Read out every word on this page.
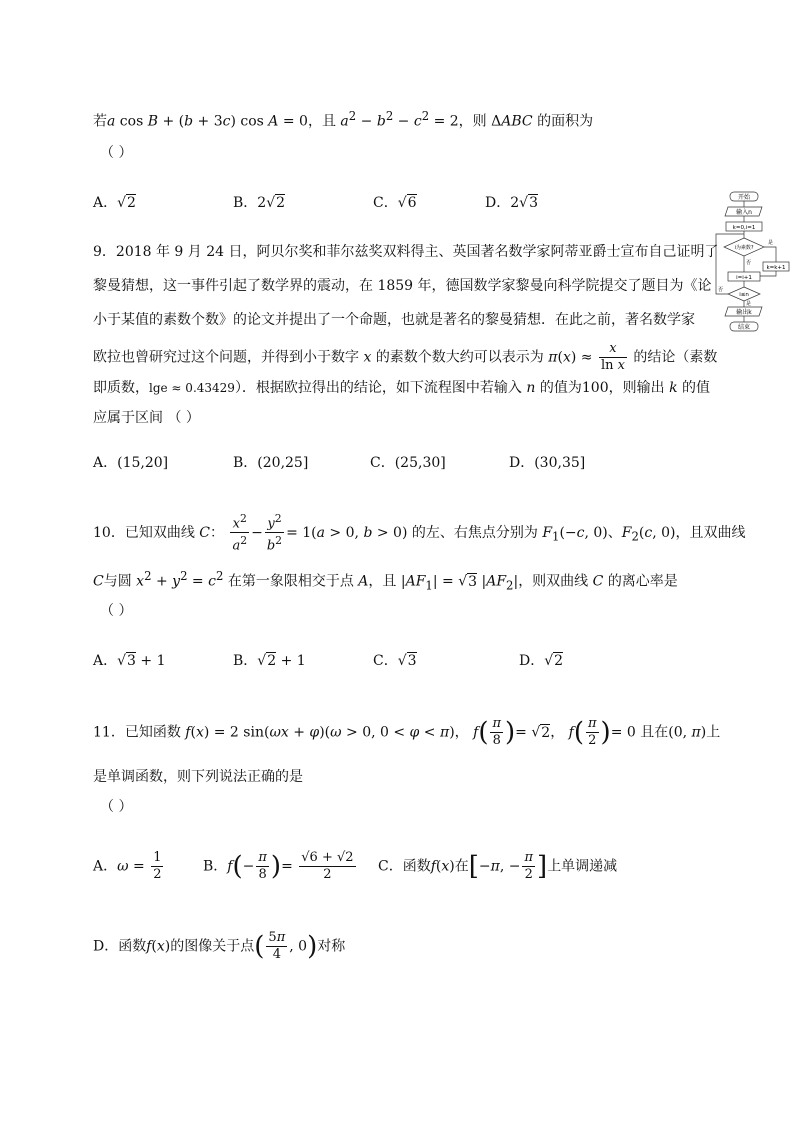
若a cos B + (b + 3c) cos A = 0，且 $a^2 - b^2 - c^2 = 2$，则 ΔABC 的面积为
（ ）
A．√2	B．2√2	C．√6	D．2√3
9．2018 年 9 月 24 日，阿贝尔奖和菲尔兹奖双料得主、英国著名数学家阿蒂亚爵士宣布自己证明了
黎曼猜想，这一事件引起了数学界的震动，在 1859 年，德国数学家黎曼向科学院提交了题目为《论
小于某值的素数个数》的论文并提出了一个命题，也就是著名的黎曼猜想．在此之前，著名数学家
欧拉也曾研究过这个问题，并得到小于数字 x 的素数个数大约可以表示为 $\pi(x) \approx \frac{x}{\text{ln x}}$ 的结论（素数
即质数，lge ≈ 0.43429）．根据欧拉得出的结论，如下流程图中若输入 n 的值为100，则输出 k 的值
应属于区间 （ ）
A．(15,20]	B．(20,25]	C．(25,30]	D．(30,35]
开始
输入n
k=0,i=1
i为素数?
是
否
k=k+1
i=i+1
i≤n
否
是
输出k
结束
10．已知双曲线 C： $\frac{x^2}{a^2} - \frac{y^2}{b^2} = 1(a > 0$, b > 0) 的左、右焦点分别为 $F_1(-c$, 0)、$F_2(c$, 0)，且双曲线
C与圆 $x^2 + y^2 = c^2$ 在第一象限相交于点 A，且 $|AF_1| = √3$ $|AF_2|$，则双曲线 C 的离心率是
（ ）
A．√3 + 1	B．√2 + 1	C．√3	D．√2
11．已知函数 f(x) = 2 sin(ωx + φ)(ω > 0, 0 < φ < π)， $f( \frac{\pi}{8}$ )= √2， $f( \frac{\pi}{2}$ )= 0 且在(0, π)上
是单调函数，则下列说法正确的是
（ ）
A．$\omega = \frac{1}{2}$	B．$f(- \frac{\pi}{8}$ )= $\frac{√6 + √2}{2}$ C．函数f(x)在[−π, − $\frac{\pi}{2}$ ]上单调递减
D．函数f(x)的图像关于点( $\frac{5\pi}{4}$ , 0)对称
